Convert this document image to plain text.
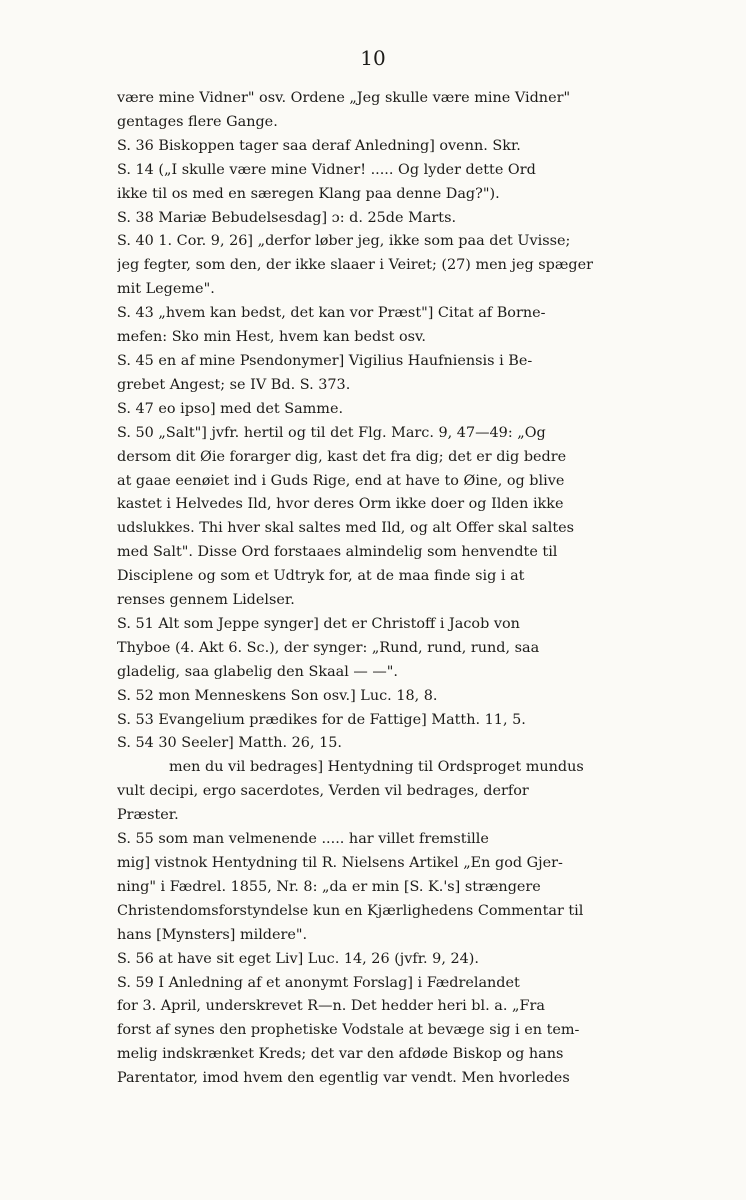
10

være mine Vidner" osv. Ordene „Jeg skulle være mine Vidner"

gentages flere Gange.

S. 36 Biskoppen tager saa deraf Anledning] ovenn. Skr.

S. 14 („I skulle være mine Vidner! ..... Og lyder dette Ord

ikke til os med en særegen Klang paa denne Dag?").

S. 38 Mariæ Bebudelsesdag] ɔ: d. 25de Marts.

S. 40 1. Cor. 9, 26] „derfor løber jeg, ikke som paa det Uvisse;

jeg fegter, som den, der ikke slaaer i Veiret; (27) men jeg spæger

mit Legeme".

S. 43 „hvem kan bedst, det kan vor Præst"] Citat af Borne-

mefen: Sko min Hest, hvem kan bedst osv.

S. 45 en af mine Psendonymer] Vigilius Haufniensis i Be-

grebet Angest; se IV Bd. S. 373.

S. 47 eo ipso] med det Samme.

S. 50 „Salt"] jvfr. hertil og til det Flg. Marc. 9, 47—49: „Og

dersom dit Øie forarger dig, kast det fra dig; det er dig bedre

at gaae eenøiet ind i Guds Rige, end at have to Øine, og blive

kastet i Helvedes Ild, hvor deres Orm ikke doer og Ilden ikke

udslukkes. Thi hver skal saltes med Ild, og alt Offer skal saltes

med Salt". Disse Ord forstaaes almindelig som henvendte til

Disciplene og som et Udtryk for, at de maa finde sig i at

renses gennem Lidelser.

S. 51 Alt som Jeppe synger] det er Christoff i Jacob von

Thyboe (4. Akt 6. Sc.), der synger: „Rund, rund, rund, saa

gladelig, saa glabelig den Skaal — —".

S. 52 mon Menneskens Son osv.] Luc. 18, 8.

S. 53 Evangelium prædikes for de Fattige] Matth. 11, 5.

S. 54 30 Seeler] Matth. 26, 15.

men du vil bedrages] Hentydning til Ordsproget mundus

vult decipi, ergo sacerdotes, Verden vil bedrages, derfor

Præster.

S. 55 som man velmenende ..... har villet fremstille

mig] vistnok Hentydning til R. Nielsens Artikel „En god Gjer-

ning" i Fædrel. 1855, Nr. 8: „da er min [S. K.'s] strængere

Christendomsforstyndelse kun en Kjærlighedens Commentar til

hans [Mynsters] mildere".

S. 56 at have sit eget Liv] Luc. 14, 26 (jvfr. 9, 24).

S. 59 I Anledning af et anonymt Forslag] i Fædrelandet

for 3. April, underskrevet R—n. Det hedder heri bl. a. „Fra

forst af synes den prophetiske Vodstale at bevæge sig i en tem-

melig indskrænket Kreds; det var den afdøde Biskop og hans

Parentator, imod hvem den egentlig var vendt. Men hvorledes
